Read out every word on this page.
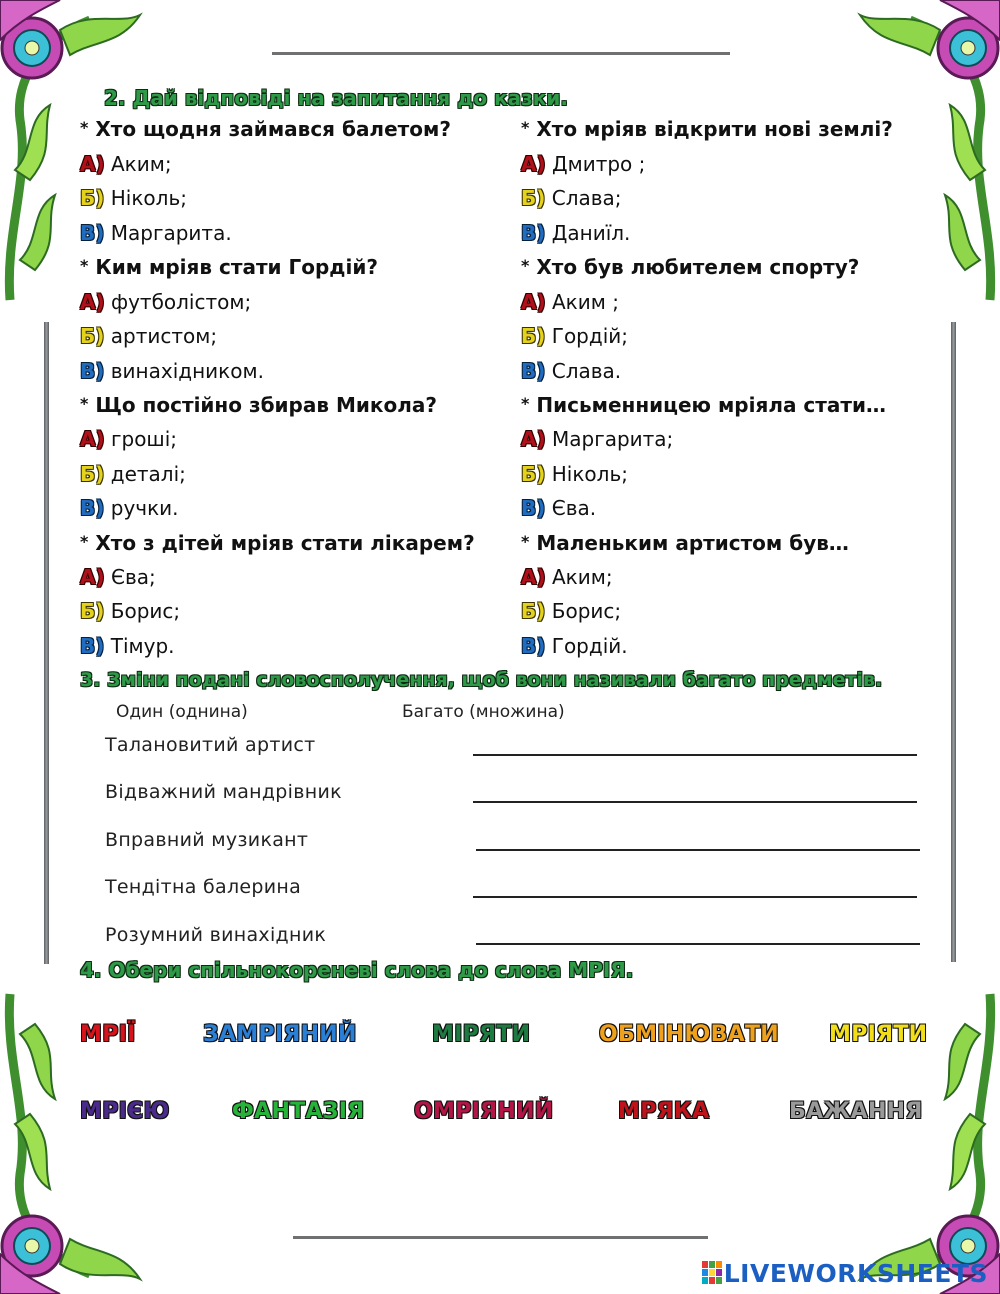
2. Дай відповіді на запитання до казки.
* Хто щодня займався балетом?
А) Аким;
Б) Ніколь;
В) Маргарита.
* Ким мріяв стати Гордій?
А) футболістом;
Б) артистом;
В) винахідником.
* Що постійно збирав Микола?
А) гроші;
Б) деталі;
В) ручки.
* Хто з дітей мріяв стати лікарем?
А) Єва;
Б) Борис;
В) Тімур.
* Хто мріяв відкрити нові землі?
А) Дмитро ;
Б) Слава;
В) Даниїл.
* Хто був любителем спорту?
А) Аким ;
Б) Гордій;
В) Слава.
* Письменницею мріяла стати…
А) Маргарита;
Б) Ніколь;
В) Єва.
* Маленьким артистом був…
А) Аким;
Б) Борис;
В) Гордій.
3. Зміни подані словосполучення, щоб вони називали багато предметів.
Один (однина)	Багато (множина)
Талановитий артист
Відважний мандрівник
Вправний музикант
Тендітна балерина
Розумний винахідник
4. Обери спільнокореневі слова до слова МРІЯ.
МРІЇ	ЗАМРІЯНИЙ	МІРЯТИ	ОБМІНЮВАТИ МРІЯТИ
МРІЄЮ	ФАНТАЗІЯ ОМРІЯНИЙ	МРЯКА	БАЖАННЯ
LIVEWORKSHEETS
